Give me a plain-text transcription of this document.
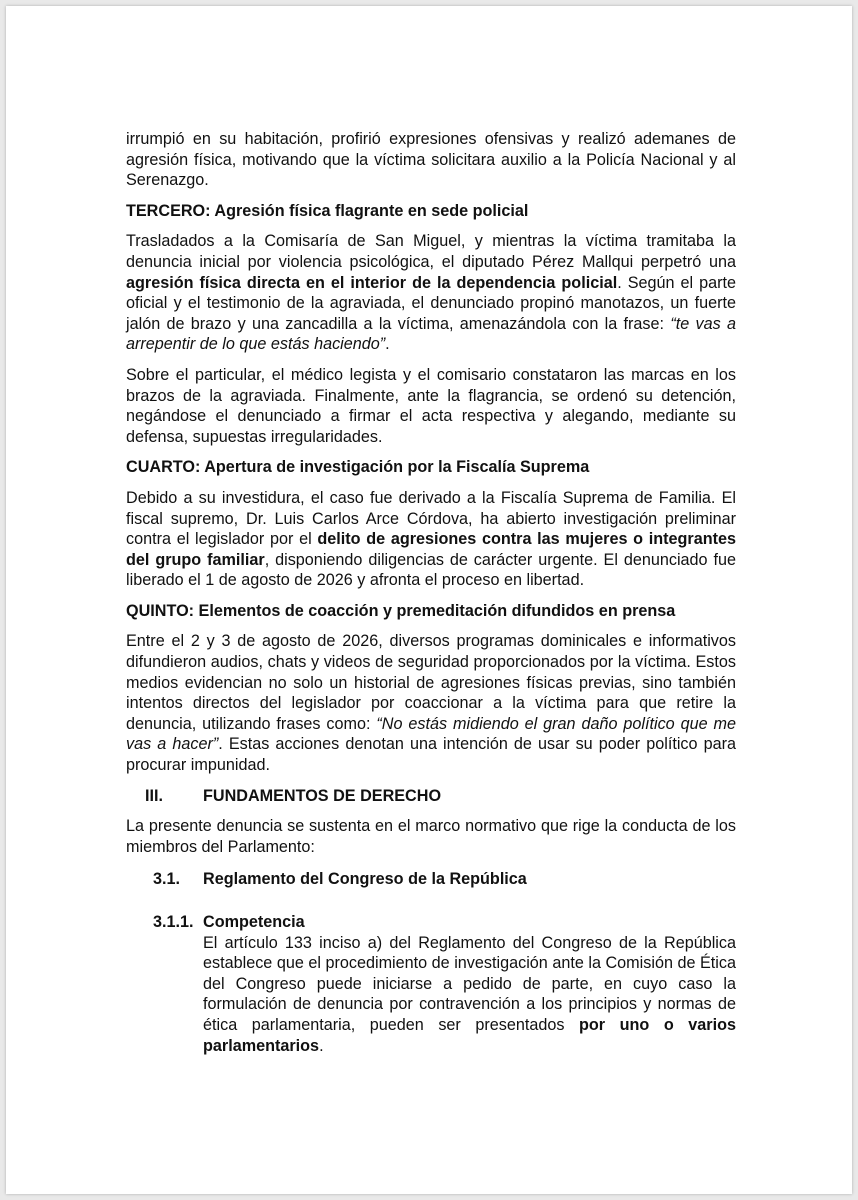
irrumpió en su habitación, profirió expresiones ofensivas y realizó ademanes de agresión física, motivando que la víctima solicitara auxilio a la Policía Nacional y al Serenazgo.

TERCERO: Agresión física flagrante en sede policial

Trasladados a la Comisaría de San Miguel, y mientras la víctima tramitaba la denuncia inicial por violencia psicológica, el diputado Pérez Mallqui perpetró una agresión física directa en el interior de la dependencia policial. Según el parte oficial y el testimonio de la agraviada, el denunciado propinó manotazos, un fuerte jalón de brazo y una zancadilla a la víctima, amenazándola con la frase: “te vas a arrepentir de lo que estás haciendo”.

Sobre el particular, el médico legista y el comisario constataron las marcas en los brazos de la agraviada. Finalmente, ante la flagrancia, se ordenó su detención, negándose el denunciado a firmar el acta respectiva y alegando, mediante su defensa, supuestas irregularidades.

CUARTO: Apertura de investigación por la Fiscalía Suprema

Debido a su investidura, el caso fue derivado a la Fiscalía Suprema de Familia. El fiscal supremo, Dr. Luis Carlos Arce Córdova, ha abierto investigación preliminar contra el legislador por el delito de agresiones contra las mujeres o integrantes del grupo familiar, disponiendo diligencias de carácter urgente. El denunciado fue liberado el 1 de agosto de 2026 y afronta el proceso en libertad.

QUINTO: Elementos de coacción y premeditación difundidos en prensa

Entre el 2 y 3 de agosto de 2026, diversos programas dominicales e informativos difundieron audios, chats y videos de seguridad proporcionados por la víctima. Estos medios evidencian no solo un historial de agresiones físicas previas, sino también intentos directos del legislador por coaccionar a la víctima para que retire la denuncia, utilizando frases como: “No estás midiendo el gran daño político que me vas a hacer”. Estas acciones denotan una intención de usar su poder político para procurar impunidad.

III.	FUNDAMENTOS DE DERECHO

La presente denuncia se sustenta en el marco normativo que rige la conducta de los miembros del Parlamento:

3.1.	Reglamento del Congreso de la República
3.1.1. Competencia

El artículo 133 inciso a) del Reglamento del Congreso de la República establece que el procedimiento de investigación ante la Comisión de Ética del Congreso puede iniciarse a pedido de parte, en cuyo caso la formulación de denuncia por contravención a los principios y normas de ética parlamentaria, pueden ser presentados por uno o varios parlamentarios.
